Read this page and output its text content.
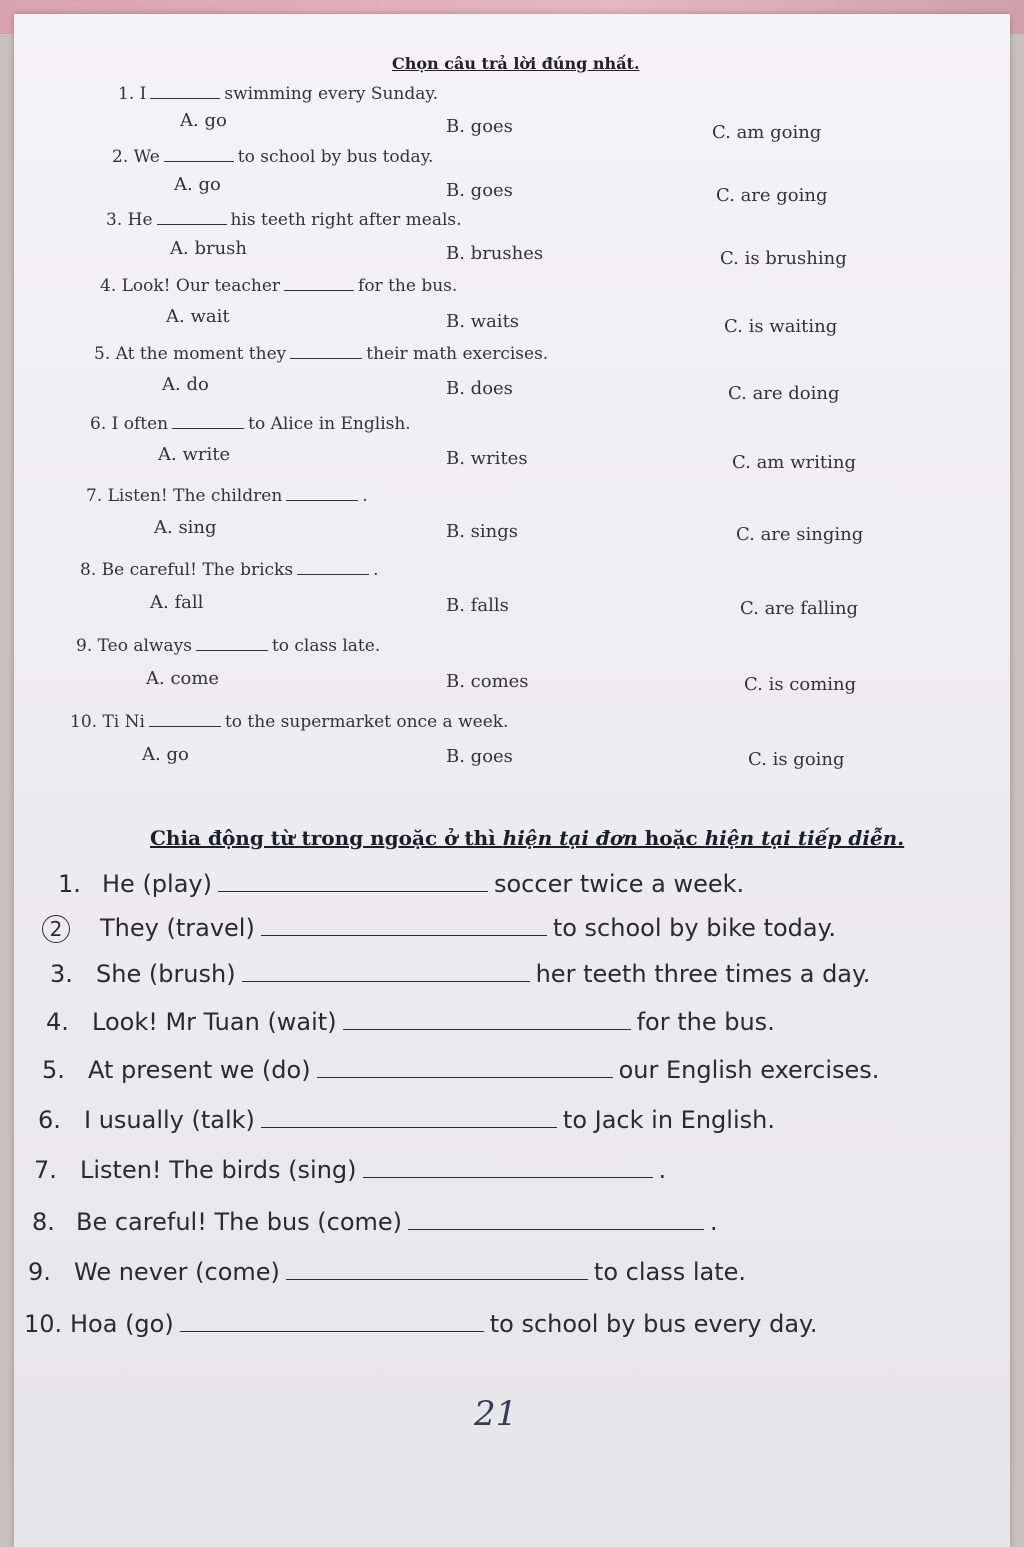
Chọn câu trả lời đúng nhất.
1. I	swimming every Sunday.
A. go	B. goes	C. am going
2. We	to school by bus today.
A. go	B. goes	C. are going
3. He	his teeth right after meals.
A. brush	B. brushes	C. is brushing
4. Look! Our teacher	for the bus.
A. wait	B. waits	C. is waiting
5. At the moment they	their math exercises.
A. do	B. does	C. are doing
6. I often	to Alice in English.
A. write	B. writes	C. am writing
7. Listen! The children	.
A. sing	B. sings	C. are singing
8. Be careful! The bricks	.
A. fall	B. falls	C. are falling
9. Teo always	to class late.
A. come	B. comes	C. is coming
10. Ti Ni	to the supermarket once a week.
A. go	B. goes	C. is going
Chia động từ trong ngoặc ở thì hiện tại đơn hoặc hiện tại tiếp diễn.
1. He (play)	soccer twice a week.
2	They (travel)	to school by bike today.
3. She (brush)	her teeth three times a day.
4. Look! Mr Tuan (wait)	for the bus.
5. At present we (do)	our English exercises.
6. I usually (talk)	to Jack in English.
7. Listen! The birds (sing)	.
8. Be careful! The bus (come)	.
9. We never (come)	to class late.
10. Hoa (go)	to school by bus every day.
21
